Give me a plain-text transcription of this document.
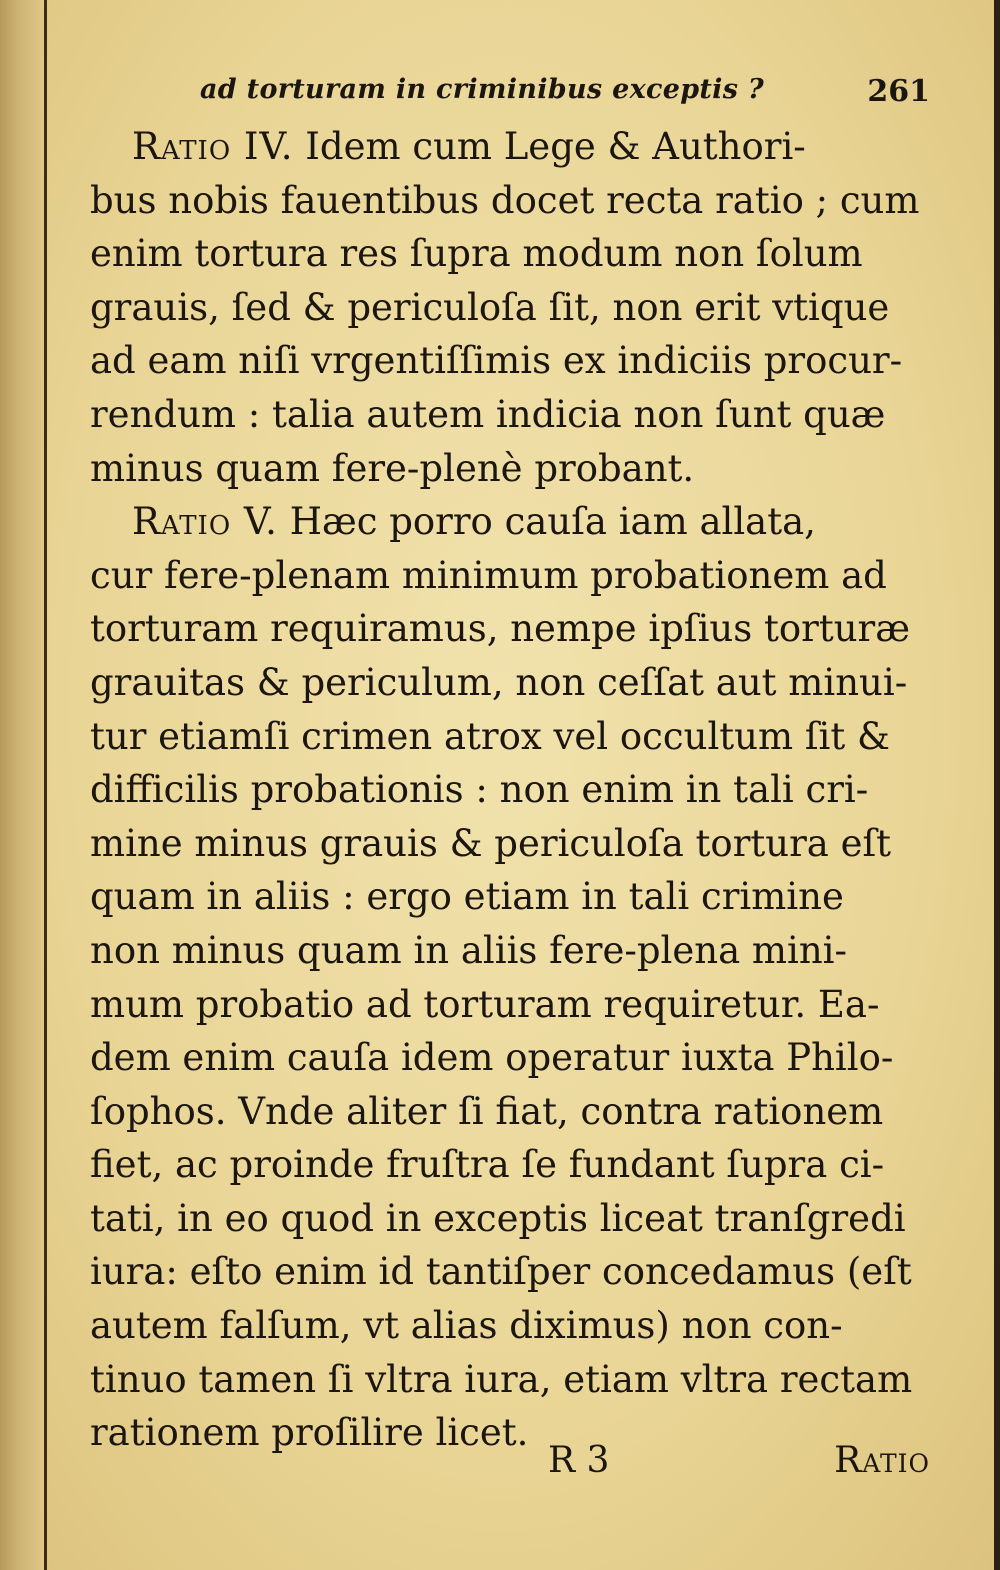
ad torturam in criminibus exceptis ?	261
Ratio IV. Idem cum Lege & Authori-
bus nobis fauentibus docet recta ratio ; cum
enim tortura res ſupra modum non ſolum
grauis, ſed & periculoſa ſit, non erit vtique
ad eam niſi vrgentiſſimis ex indiciis procur-
rendum : talia autem indicia non ſunt quæ
minus quam fere-plenè probant.
Ratio V. Hæc porro cauſa iam allata,
cur fere-plenam minimum probationem ad
torturam requiramus, nempe ipſius torturæ
grauitas & periculum, non ceſſat aut minui-
tur etiamſi crimen atrox vel occultum ſit &
difficilis probationis : non enim in tali cri-
mine minus grauis & periculoſa tortura eſt
quam in aliis : ergo etiam in tali crimine
non minus quam in aliis fere-plena mini-
mum probatio ad torturam requiretur. Ea-
dem enim cauſa idem operatur iuxta Philo-
ſophos. Vnde aliter ſi fiat, contra rationem
fiet, ac proinde fruſtra ſe fundant ſupra ci-
tati, in eo quod in exceptis liceat tranſgredi
iura: eſto enim id tantiſper concedamus (eſt
autem falſum, vt alias diximus) non con-
tinuo tamen ſi vltra iura, etiam vltra rectam
rationem proſilire licet.
R 3	Ratio
